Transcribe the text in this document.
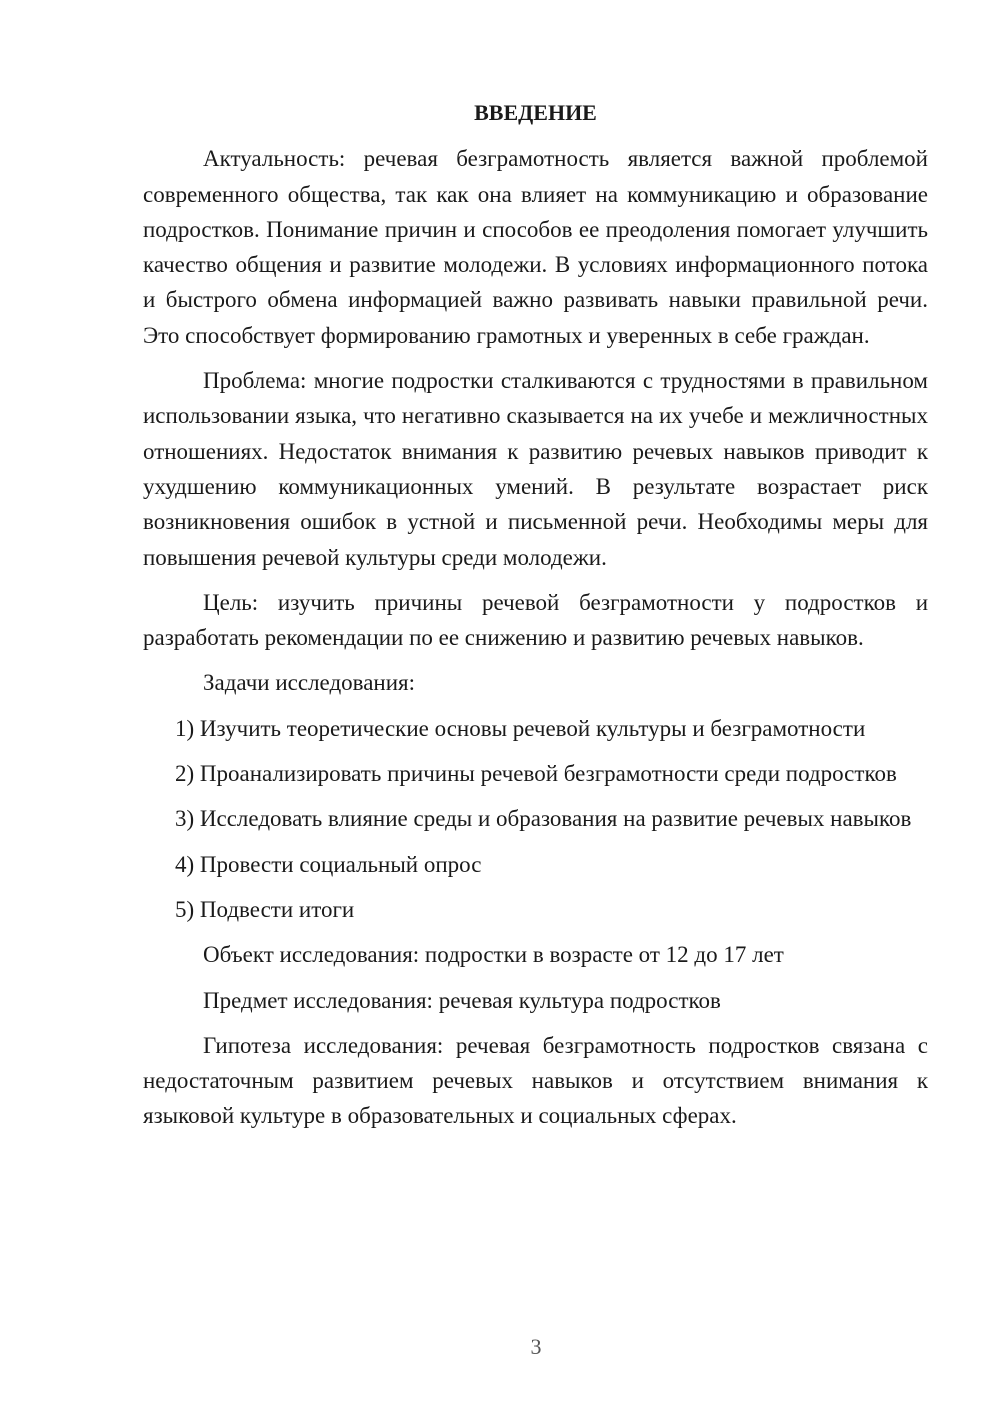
ВВЕДЕНИЕ

Актуальность: речевая безграмотность является важной проблемой современного общества, так как она влияет на коммуникацию и образование подростков. Понимание причин и способов ее преодоления помогает улучшить качество общения и развитие молодежи. В условиях информационного потока и быстрого обмена информацией важно развивать навыки правильной речи. Это способствует формированию грамотных и уверенных в себе граждан.

Проблема: многие подростки сталкиваются с трудностями в правильном использовании языка, что негативно сказывается на их учебе и межличностных отношениях. Недостаток внимания к развитию речевых навыков приводит к ухудшению коммуникационных умений. В результате возрастает риск возникновения ошибок в устной и письменной речи. Необходимы меры для повышения речевой культуры среди молодежи.

Цель: изучить причины речевой безграмотности у подростков и разработать рекомендации по ее снижению и развитию речевых навыков.

Задачи исследования:

1) Изучить теоретические основы речевой культуры и безграмотности

2) Проанализировать причины речевой безграмотности среди подростков

3) Исследовать влияние среды и образования на развитие речевых навыков

4) Провести социальный опрос

5) Подвести итоги

Объект исследования: подростки в возрасте от 12 до 17 лет

Предмет исследования: речевая культура подростков

Гипотеза исследования: речевая безграмотность подростков связана с недостаточным развитием речевых навыков и отсутствием внимания к языковой культуре в образовательных и социальных сферах.

3
